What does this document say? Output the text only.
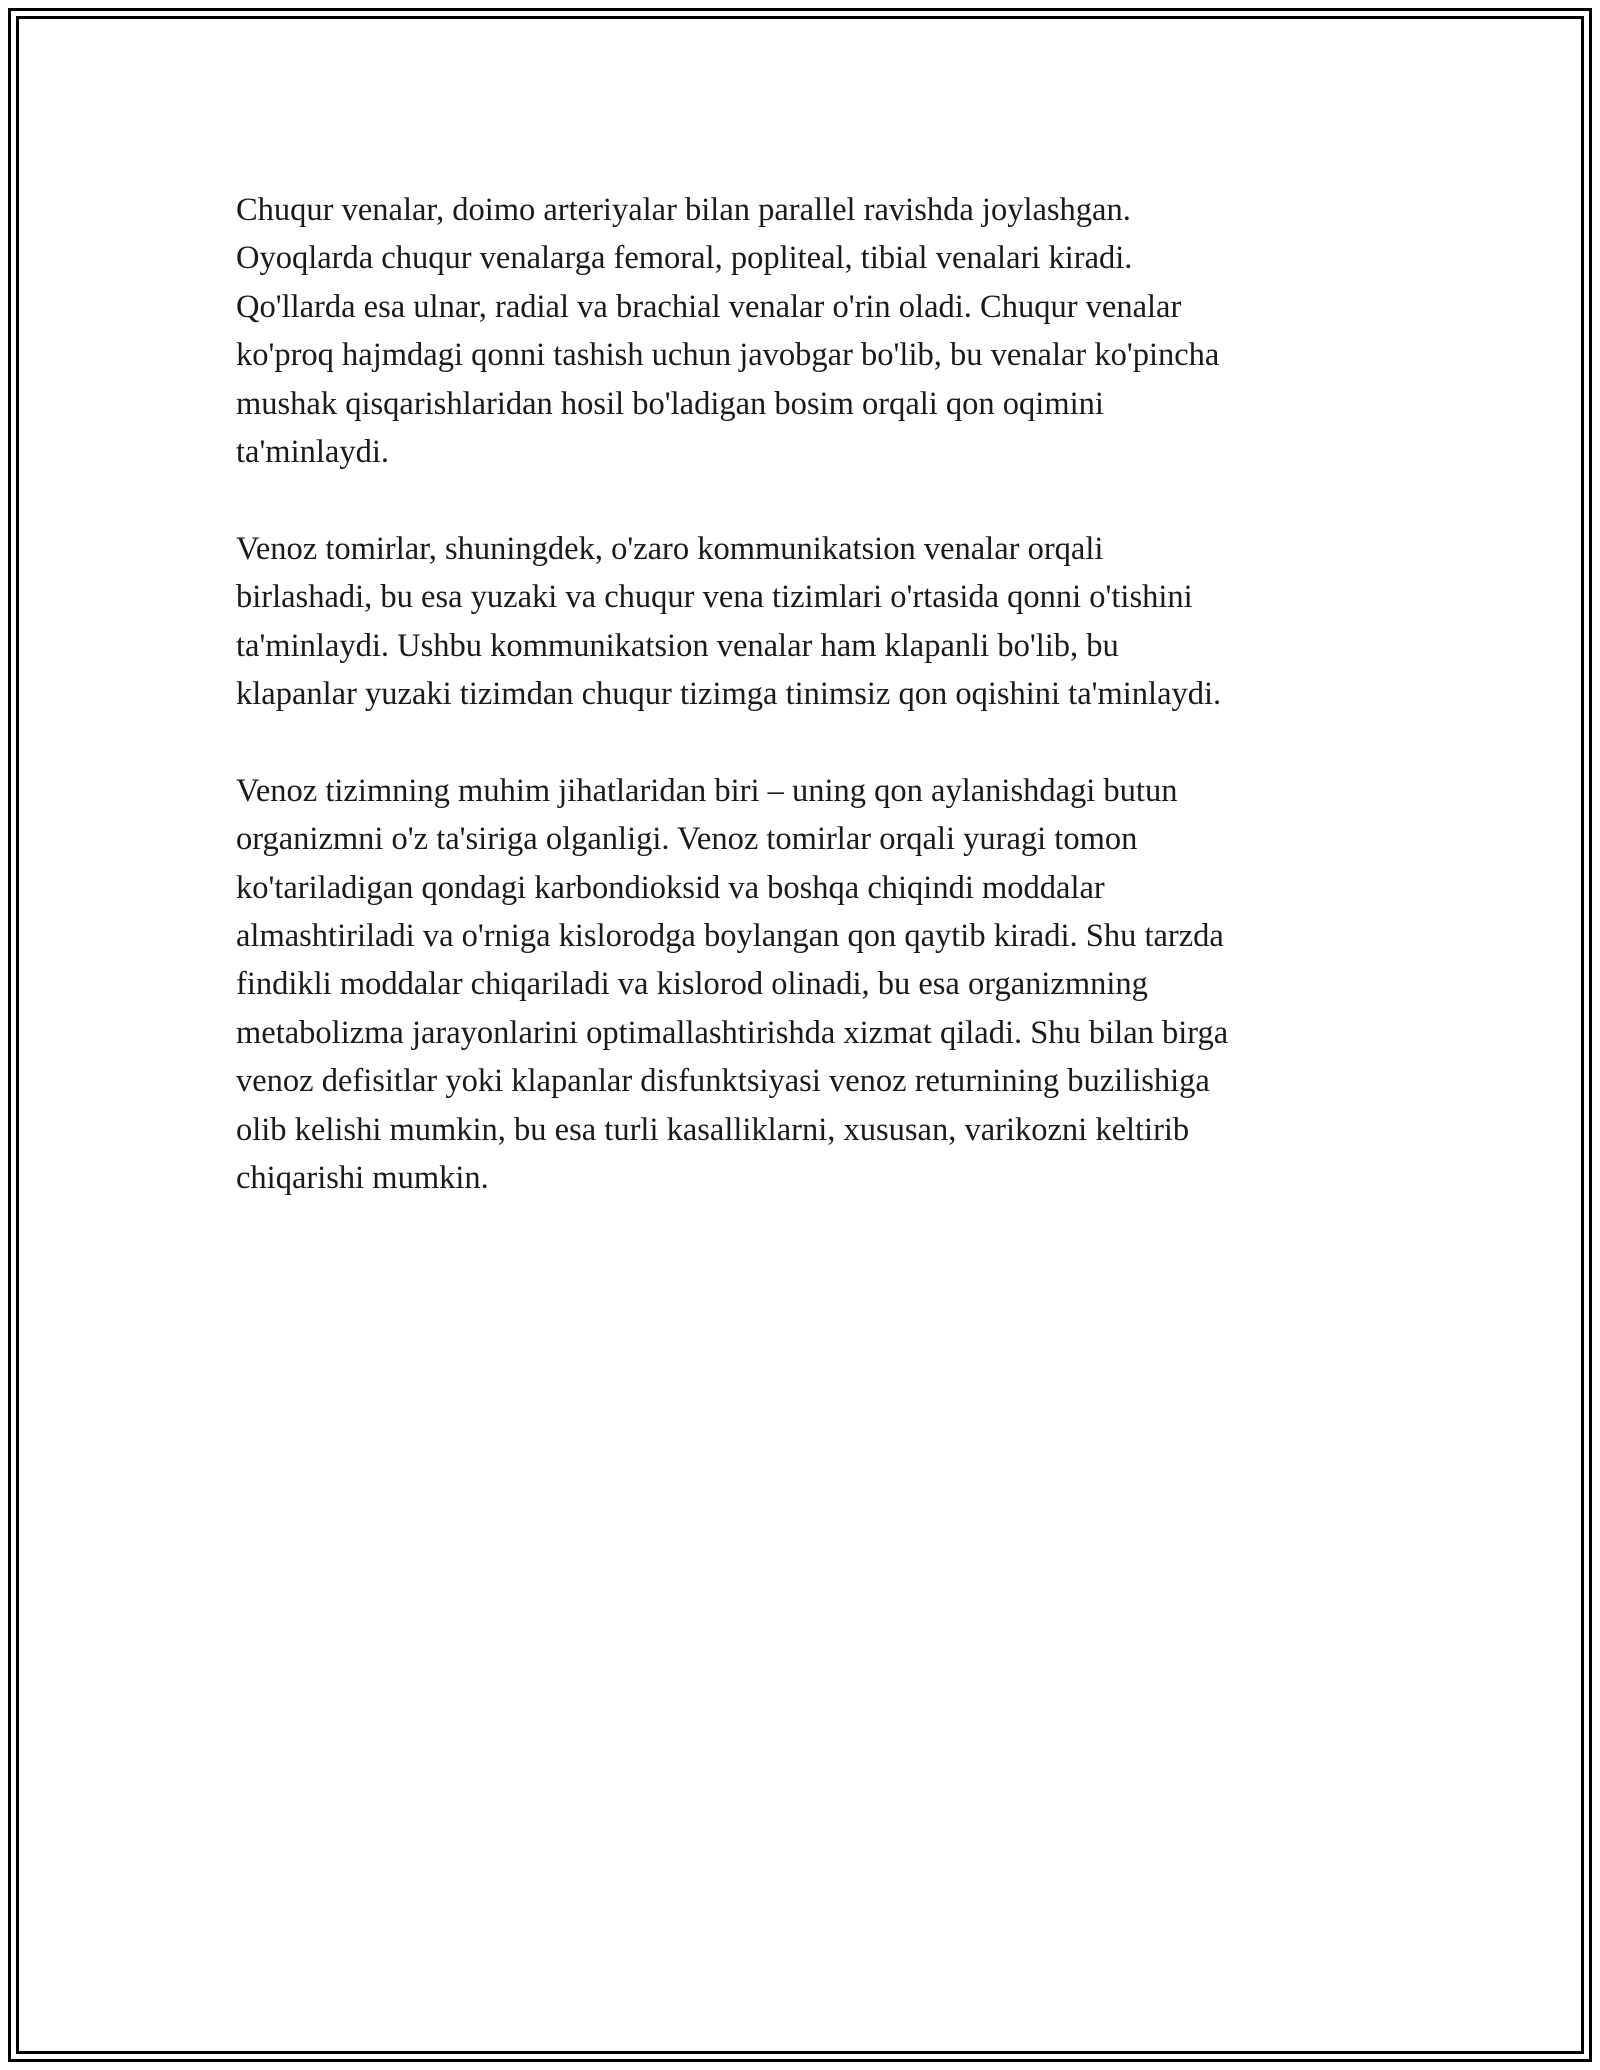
Chuqur venalar, doimo arteriyalar bilan parallel ravishda joylashgan.
Oyoqlarda chuqur venalarga femoral, popliteal, tibial venalari kiradi.
Qo'llarda esa ulnar, radial va brachial venalar o'rin oladi. Chuqur venalar
ko'proq hajmdagi qonni tashish uchun javobgar bo'lib, bu venalar ko'pincha
mushak qisqarishlaridan hosil bo'ladigan bosim orqali qon oqimini
ta'minlaydi.

Venoz tomirlar, shuningdek, o'zaro kommunikatsion venalar orqali
birlashadi, bu esa yuzaki va chuqur vena tizimlari o'rtasida qonni o'tishini
ta'minlaydi. Ushbu kommunikatsion venalar ham klapanli bo'lib, bu
klapanlar yuzaki tizimdan chuqur tizimga tinimsiz qon oqishini ta'minlaydi.

Venoz tizimning muhim jihatlaridan biri – uning qon aylanishdagi butun
organizmni o'z ta'siriga olganligi. Venoz tomirlar orqali yuragi tomon
ko'tariladigan qondagi karbondioksid va boshqa chiqindi moddalar
almashtiriladi va o'rniga kislorodga boylangan qon qaytib kiradi. Shu tarzda
findikli moddalar chiqariladi va kislorod olinadi, bu esa organizmning
metabolizma jarayonlarini optimallashtirishda xizmat qiladi. Shu bilan birga
venoz defisitlar yoki klapanlar disfunktsiyasi venoz returnining buzilishiga
olib kelishi mumkin, bu esa turli kasalliklarni, xususan, varikozni keltirib
chiqarishi mumkin.
